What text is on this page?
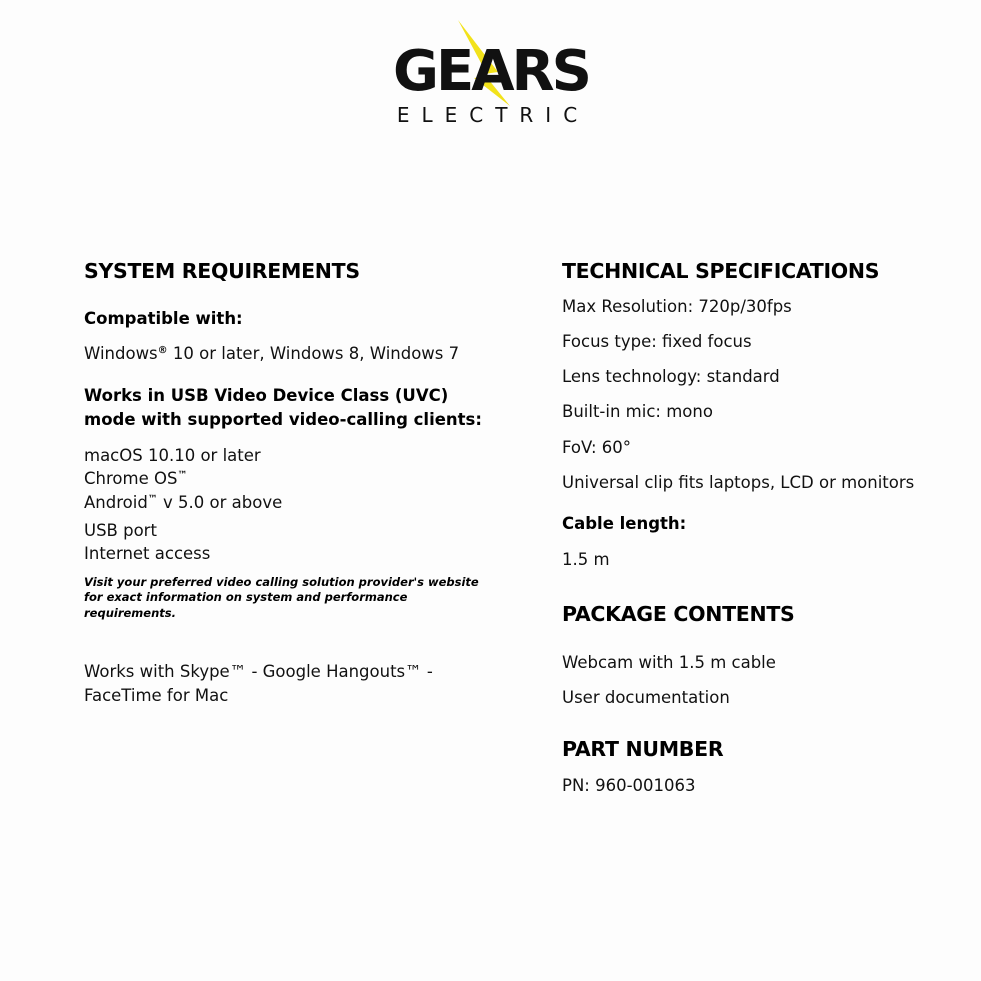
GEARS
ELECTRIC
SYSTEM REQUIREMENTS
Compatible with:
Windows® 10 or later, Windows 8, Windows 7
Works in USB Video Device Class (UVC)
mode with supported video-calling clients:
macOS 10.10 or later
Chrome OS™
Android™ v 5.0 or above
USB port
Internet access
Visit your preferred video calling solution provider's website
for exact information on system and performance
requirements.
Works with Skype™ - Google Hangouts™ -
FaceTime for Mac
TECHNICAL SPECIFICATIONS
Max Resolution: 720p/30fps
Focus type: fixed focus
Lens technology: standard
Built-in mic: mono
FoV: 60°
Universal clip fits laptops, LCD or monitors
Cable length:
1.5 m
PACKAGE CONTENTS
Webcam with 1.5 m cable
User documentation
PART NUMBER
PN: 960-001063
